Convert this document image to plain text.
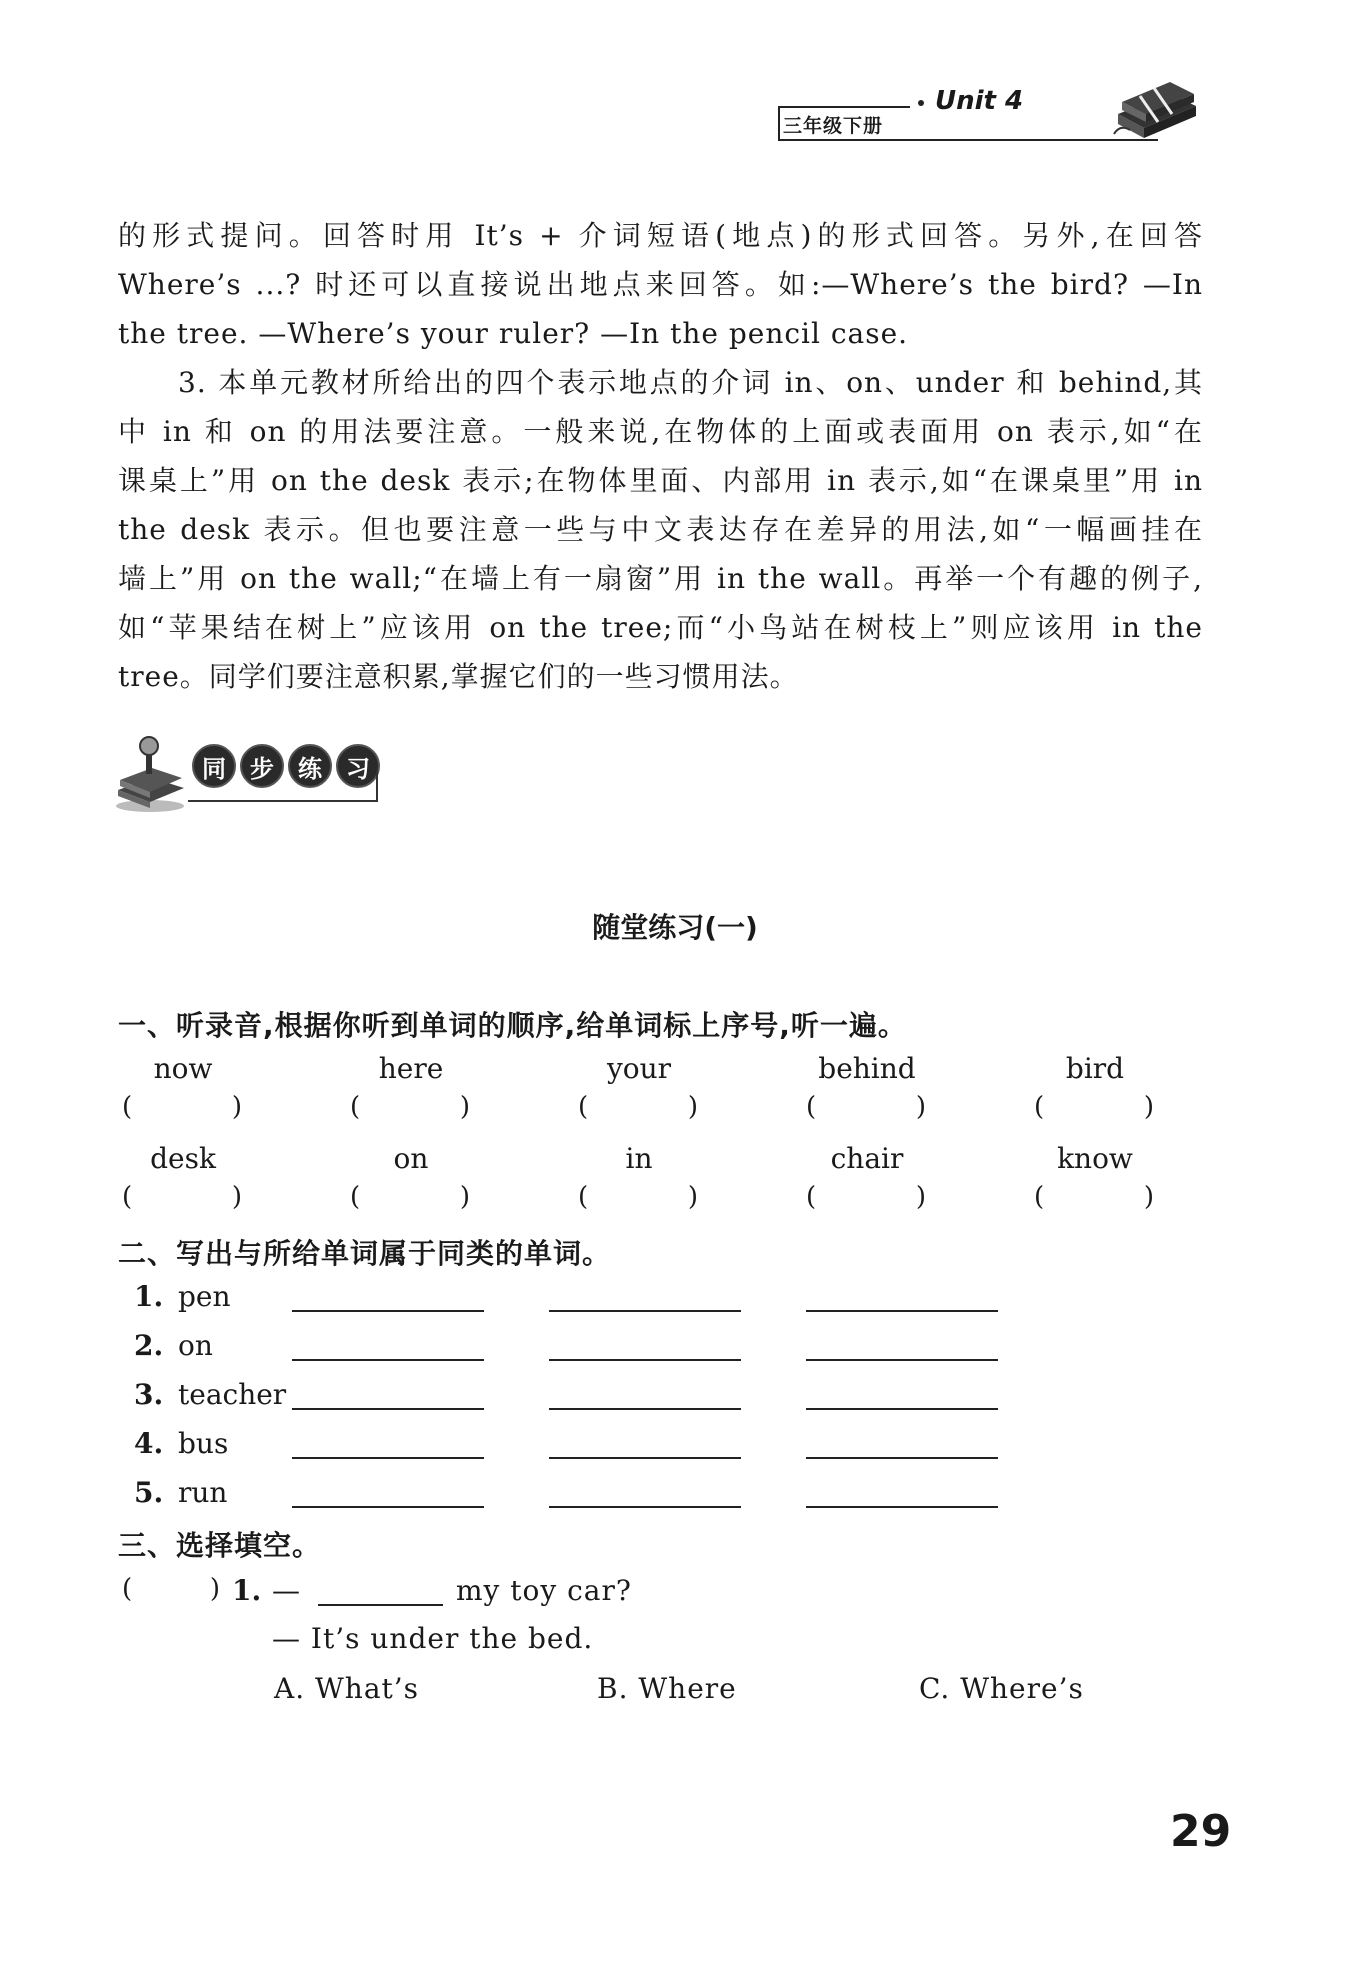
三年级下册
Unit 4
的形式提问。回答时用 It’s + 介词短语(地点)的形式回答。另外,在回答
Where’s ...? 时还可以直接说出地点来回答。如:—Where’s the bird? —In
the tree. —Where’s your ruler? —In the pencil case.
3. 本单元教材所给出的四个表示地点的介词 in、on、under 和 behind,其
中 in 和 on 的用法要注意。一般来说,在物体的上面或表面用 on 表示,如“在
课桌上”用 on the desk 表示;在物体里面、内部用 in 表示,如“在课桌里”用 in
the desk 表示。但也要注意一些与中文表达存在差异的用法,如“一幅画挂在
墙上”用 on the wall;“在墙上有一扇窗”用 in the wall。再举一个有趣的例子,
如“苹果结在树上”应该用 on the tree;而“小鸟站在树枝上”则应该用 in the
tree。同学们要注意积累,掌握它们的一些习惯用法。
同	步	练	习
随堂练习(一)
一、听录音,根据你听到单词的顺序,给单词标上序号,听一遍。
now	here	your	behind	bird
(	)	(	)	(	)	(	)	(	)
desk	on	in	chair	know
(	)	(	)	(	)	(	)	(	)
二、写出与所给单词属于同类的单词。
1. pen
2. on
3. teacher
4. bus
5. run
三、选择填空。
(	) 1. —	my toy car?
— It’s under the bed.
A. What’s	B. Where	C. Where’s
29
